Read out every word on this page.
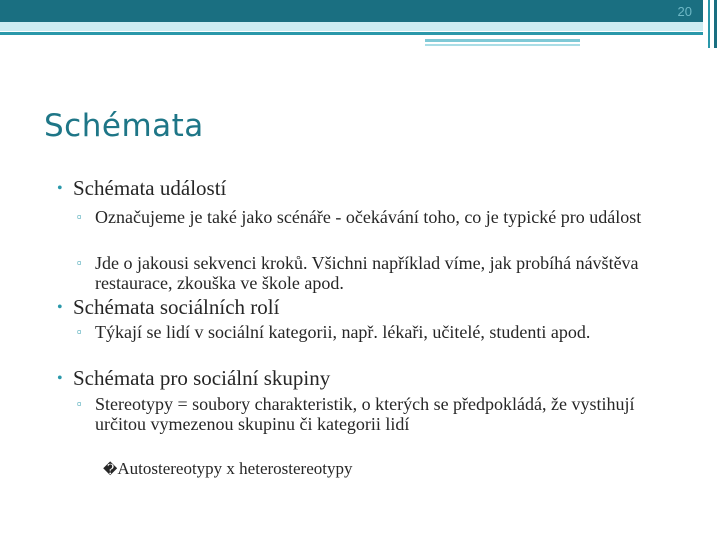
20
Schémata
• Schémata událostí
▫ Označujeme je také jako scénáře - očekávání toho, co je typické pro událost
▫ Jde o jakousi sekvenci kroků. Všichni například víme, jak probíhá návštěva restaurace, zkouška ve škole apod.
• Schémata sociálních rolí
▫ Týkají se lidí v sociální kategorii, např. lékaři, učitelé, studenti apod.
• Schémata pro sociální skupiny
▫ Stereotypy = soubory charakteristik, o kterých se předpokládá, že vystihují určitou vymezenou skupinu či kategorii lidí
�Autostereotypy x heterostereotypy
